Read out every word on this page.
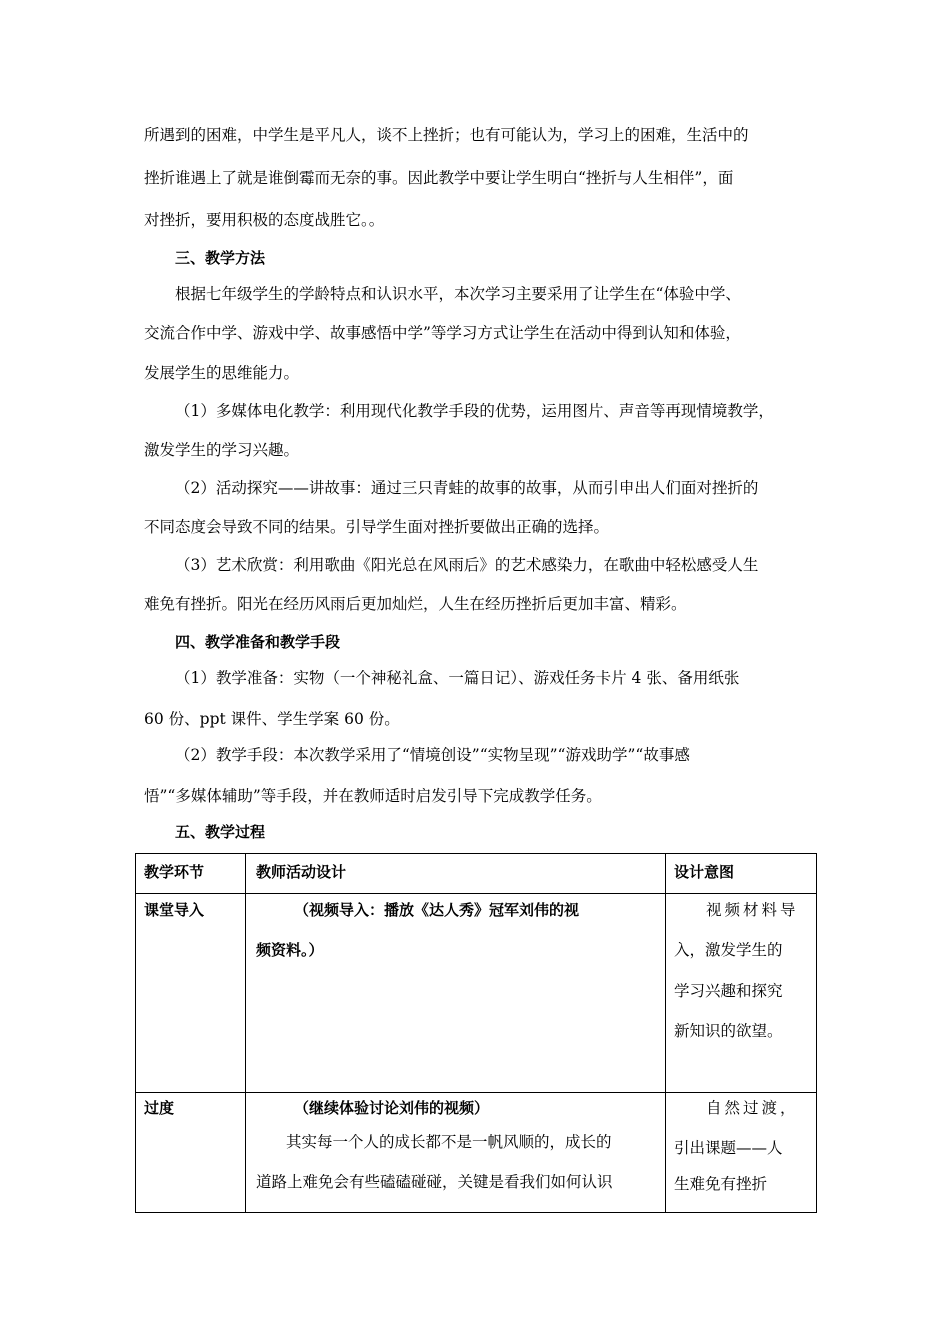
所遇到的困难，中学生是平凡人，谈不上挫折；也有可能认为，学习上的困难，生活中的
挫折谁遇上了就是谁倒霉而无奈的事。因此教学中要让学生明白“挫折与人生相伴”，面
对挫折，要用积极的态度战胜它。。
三、教学方法
根据七年级学生的学龄特点和认识水平，本次学习主要采用了让学生在“体验中学、
交流合作中学、游戏中学、故事感悟中学”等学习方式让学生在活动中得到认知和体验，
发展学生的思维能力。
（1）多媒体电化教学：利用现代化教学手段的优势，运用图片、声音等再现情境教学，
激发学生的学习兴趣。
（2）活动探究——讲故事：通过三只青蛙的故事的故事，从而引申出人们面对挫折的
不同态度会导致不同的结果。引导学生面对挫折要做出正确的选择。
（3）艺术欣赏：利用歌曲《阳光总在风雨后》的艺术感染力，在歌曲中轻松感受人生
难免有挫折。阳光在经历风雨后更加灿烂，人生在经历挫折后更加丰富、精彩。
四、教学准备和教学手段
（1）教学准备：实物（一个神秘礼盒、一篇日记）、游戏任务卡片 4 张、备用纸张
60 份、ppt 课件、学生学案 60 份。
（2）教学手段：本次教学采用了“情境创设”“实物呈现”“游戏助学”“故事感
悟”“多媒体辅助”等手段，并在教师适时启发引导下完成教学任务。
五、教学过程
教学环节	教师活动设计	设计意图

课堂导入	（视频导入：播放《达人秀》冠军刘伟的视
频资料。）	视频材料导
入，激发学生的
学习兴趣和探究
新知识的欲望。

过度	（继续体验讨论刘伟的视频）
其实每一个人的成长都不是一帆风顺的，成长的
道路上难免会有些磕磕碰碰，关键是看我们如何认识	自然过渡，
引出课题——人
生难免有挫折
